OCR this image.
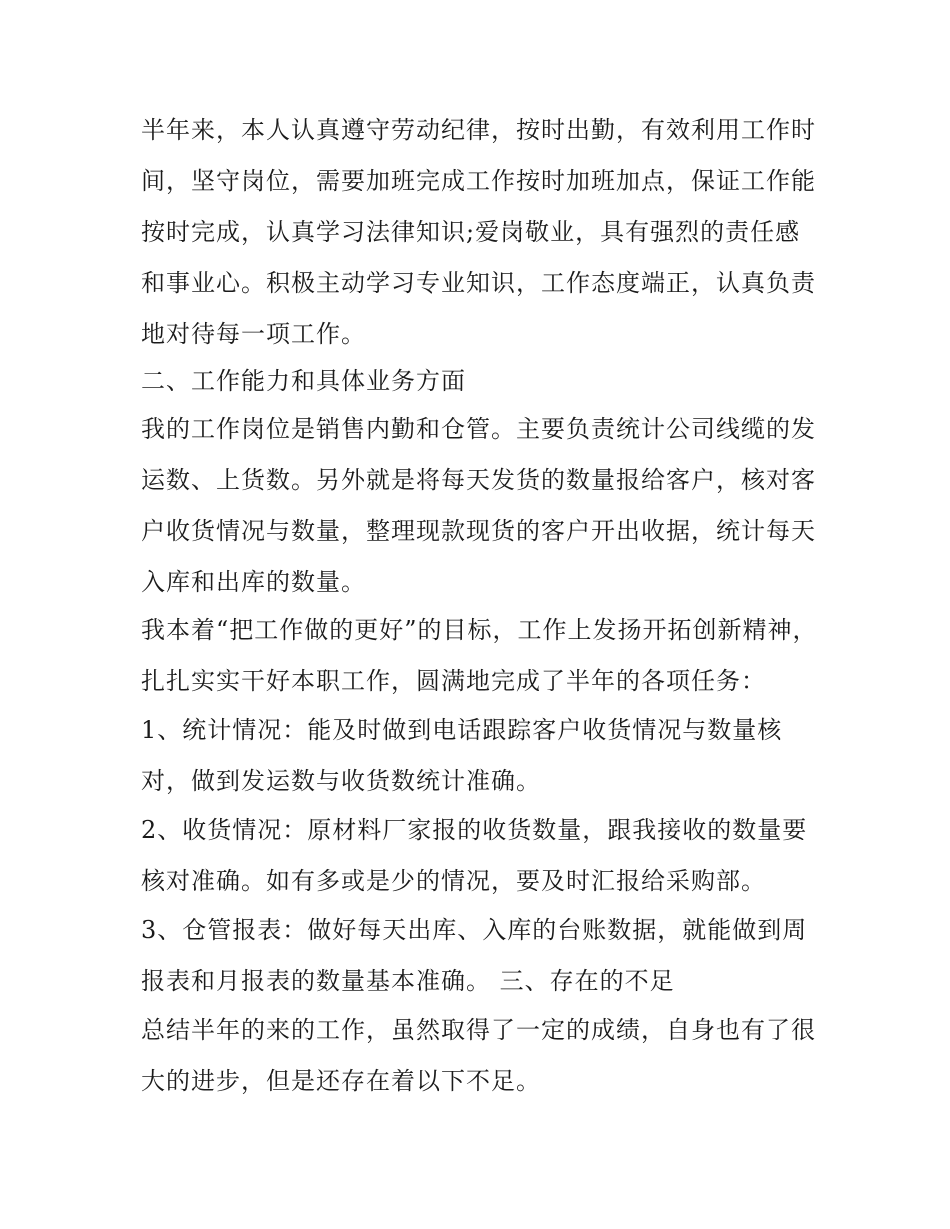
半年来，本人认真遵守劳动纪律，按时出勤，有效利用工作时
间，坚守岗位，需要加班完成工作按时加班加点，保证工作能
按时完成，认真学习法律知识;爱岗敬业，具有强烈的责任感
和事业心。积极主动学习专业知识，工作态度端正，认真负责
地对待每一项工作。
二、工作能力和具体业务方面
我的工作岗位是销售内勤和仓管。主要负责统计公司线缆的发
运数、上货数。另外就是将每天发货的数量报给客户，核对客
户收货情况与数量，整理现款现货的客户开出收据，统计每天
入库和出库的数量。
我本着“把工作做的更好”的目标，工作上发扬开拓创新精神，
扎扎实实干好本职工作，圆满地完成了半年的各项任务：
1、统计情况：能及时做到电话跟踪客户收货情况与数量核
对，做到发运数与收货数统计准确。
2、收货情况：原材料厂家报的收货数量，跟我接收的数量要
核对准确。如有多或是少的情况，要及时汇报给采购部。
3、仓管报表：做好每天出库、入库的台账数据，就能做到周
报表和月报表的数量基本准确。 三、存在的不足
总结半年的来的工作，虽然取得了一定的成绩，自身也有了很
大的进步，但是还存在着以下不足。
